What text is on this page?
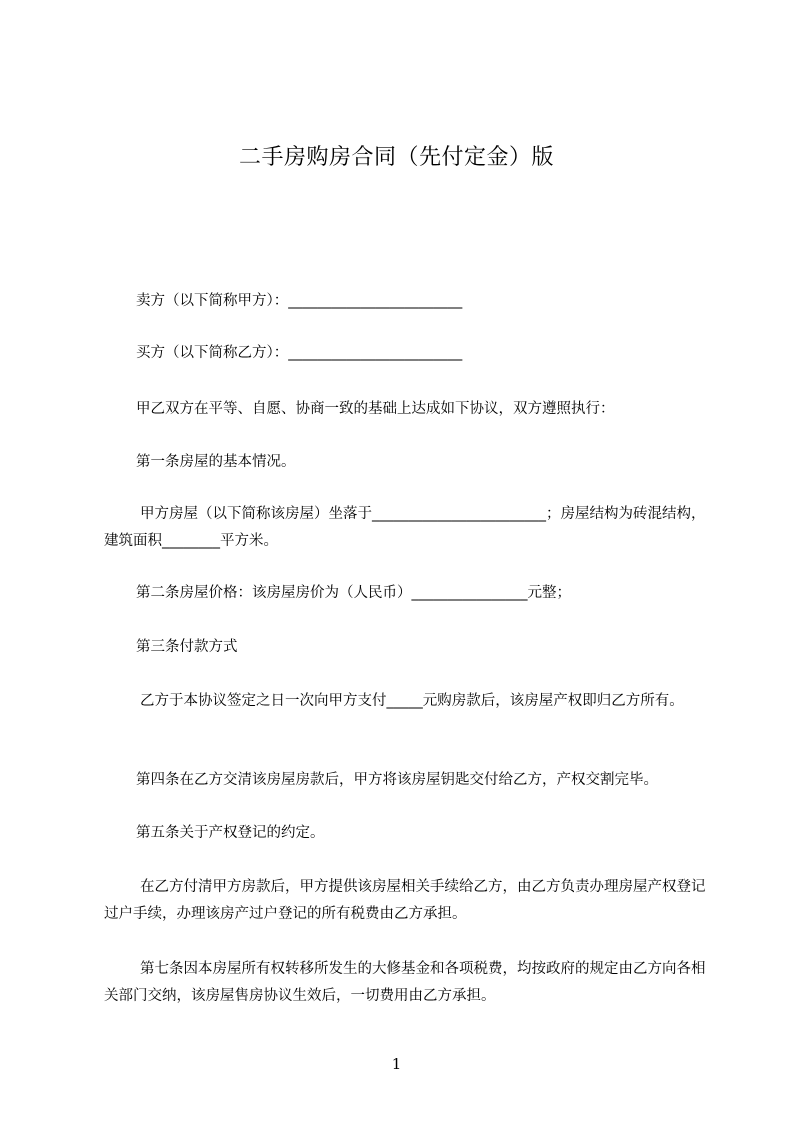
二手房购房合同（先付定金）版
卖方（以下简称甲方）：________________________
买方（以下简称乙方）：________________________
甲乙双方在平等、自愿、协商一致的基础上达成如下协议，双方遵照执行：
第一条房屋的基本情况。
甲方房屋（以下简称该房屋）坐落于________________________；房屋结构为砖混结构，建筑面积________平方米。
第二条房屋价格：该房屋房价为（人民币）________________元整；
第三条付款方式
乙方于本协议签定之日一次向甲方支付_____元购房款后，该房屋产权即归乙方所有。
第四条在乙方交清该房屋房款后，甲方将该房屋钥匙交付给乙方，产权交割完毕。
第五条关于产权登记的约定。
在乙方付清甲方房款后，甲方提供该房屋相关手续给乙方，由乙方负责办理房屋产权登记过户手续，办理该房产过户登记的所有税费由乙方承担。
第七条因本房屋所有权转移所发生的大修基金和各项税费，均按政府的规定由乙方向各相关部门交纳，该房屋售房协议生效后，一切费用由乙方承担。
1
